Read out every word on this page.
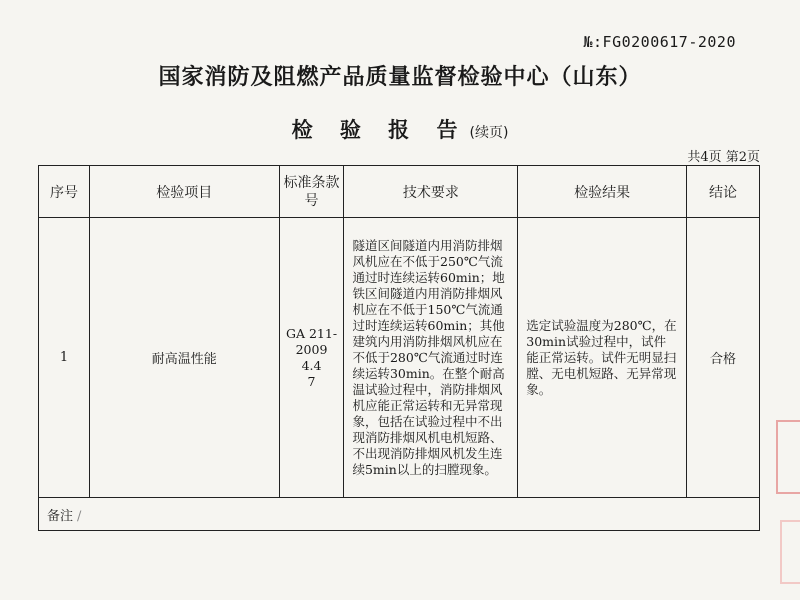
№:FG0200617-2020
国家消防及阻燃产品质量监督检验中心（山东）
检 验 报 告 (续页)
共4页 第2页
序号	检验项目	标准条款号	技术要求	检验结果	结论
1	耐高温性能	GA 211-
2009
4.4
7	隧道区间隧道内用消防排烟风机应在不低于250℃气流通过时连续运转60min；地铁区间隧道内用消防排烟风机应在不低于150℃气流通过时连续运转60min；其他建筑内用消防排烟风机应在不低于280℃气流通过时连续运转30min。在整个耐高温试验过程中，消防排烟风机应能正常运转和无异常现象，包括在试验过程中不出现消防排烟风机电机短路、不出现消防排烟风机发生连续5min以上的扫膛现象。	选定试验温度为280℃，在30min试验过程中，试件能正常运转。试件无明显扫膛、无电机短路、无异常现象。	合格
备注 /					
